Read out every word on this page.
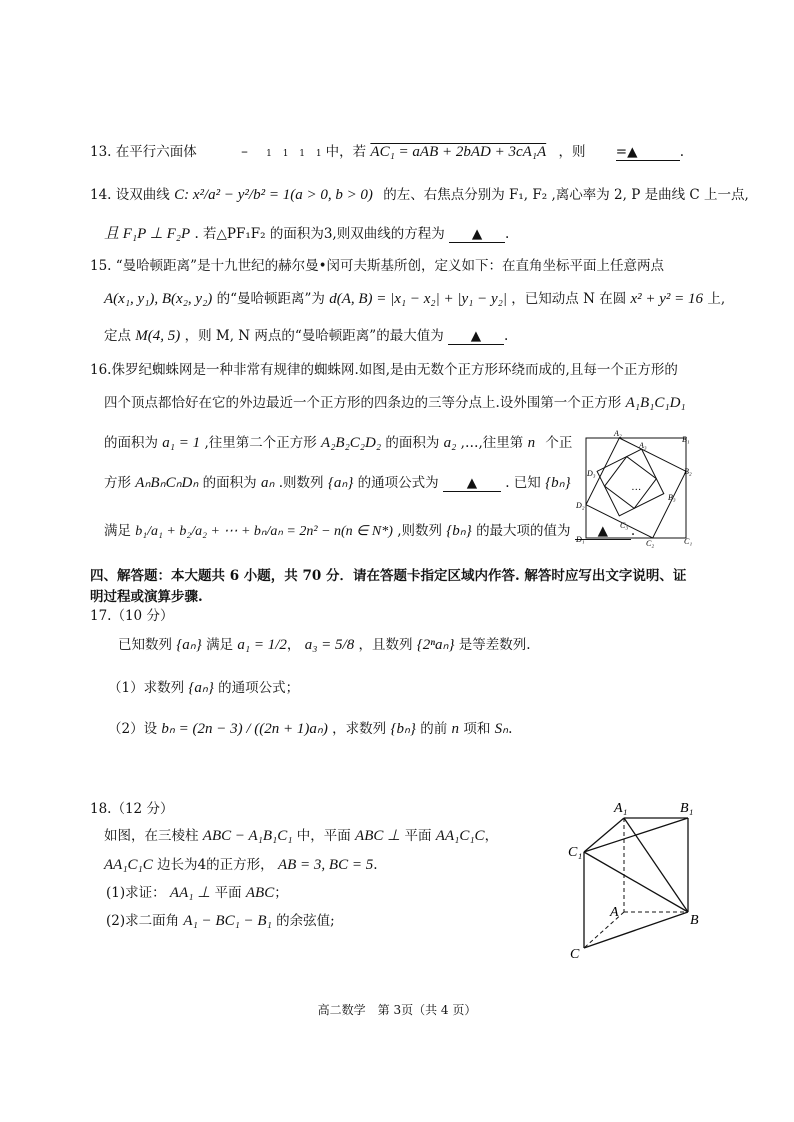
13. 在平行六面体	– 1 1 1 1中，若 AC₁ = aAB + 2bAD + 3cA₁A ，则 =▲	.
14. 设双曲线 C: x²/a² − y²/b² = 1(a > 0, b > 0) 的左、右焦点分别为 F₁, F₂ ,离心率为 2, P 是曲线 C 上一点,
且 F₁P ⊥ F₂P . 若△PF₁F₂ 的面积为3,则双曲线的方程为 ▲ .
15. “曼哈顿距离”是十九世纪的赫尔曼•闵可夫斯基所创，定义如下：在直角坐标平面上任意两点
A(x₁, y₁), B(x₂, y₂) 的“曼哈顿距离”为 d(A, B) = |x₁ − x₂| + |y₁ − y₂| ，已知动点 N 在圆 x² + y² = 16 上,
定点 M(4, 5) ，则 M, N 两点的“曼哈顿距离”的最大值为 ▲ .
16.侏罗纪蜘蛛网是一种非常有规律的蜘蛛网.如图,是由无数个正方形环绕而成的,且每一个正方形的
四个顶点都恰好在它的外边最近一个正方形的四条边的三等分点上.设外围第一个正方形 A₁B₁C₁D₁
的面积为 a₁ = 1 ,往里第二个正方形 A₂B₂C₂D₂ 的面积为 a₂ ,…,往里第 n 个正
方形 AₙBₙCₙDₙ 的面积为 aₙ .则数列 {aₙ} 的通项公式为 ▲ . 已知 {bₙ}
满足 b₁/a₁ + b₂/a₂ + ⋯ + bₙ/aₙ = 2n² − n(n ∈ N*) ,则数列 {bₙ} 的最大项的值为 ▲ .
…
A₂
B₁
A₃
B₂
D₃
B₃
D₂
C₃
D₁	C₂	C₁
四、解答题：本大题共 6 小题，共 70 分．请在答题卡指定区域内作答. 解答时应写出文字说明、证
明过程或演算步骤.
17.（10 分）
已知数列 {aₙ} 满足 a₁ = 1/2， a₃ = 5/8 ，且数列 {2ⁿaₙ} 是等差数列.
（1）求数列 {aₙ} 的通项公式；
（2）设 bₙ = (2n − 3) / ((2n + 1)aₙ) ，求数列 {bₙ} 的前 n 项和 Sₙ.
18.（12 分）
如图，在三棱柱 ABC − A₁B₁C₁ 中，平面 ABC ⊥ 平面 AA₁C₁C，
AA₁C₁C 边长为4的正方形， AB = 3, BC = 5.
(1)求证： AA₁ ⊥ 平面 ABC；
(2)求二面角 A₁ − BC₁ − B₁ 的余弦值;
A₁	B₁
C₁
A
B
C
高二数学　第 3页（共 4 页）
